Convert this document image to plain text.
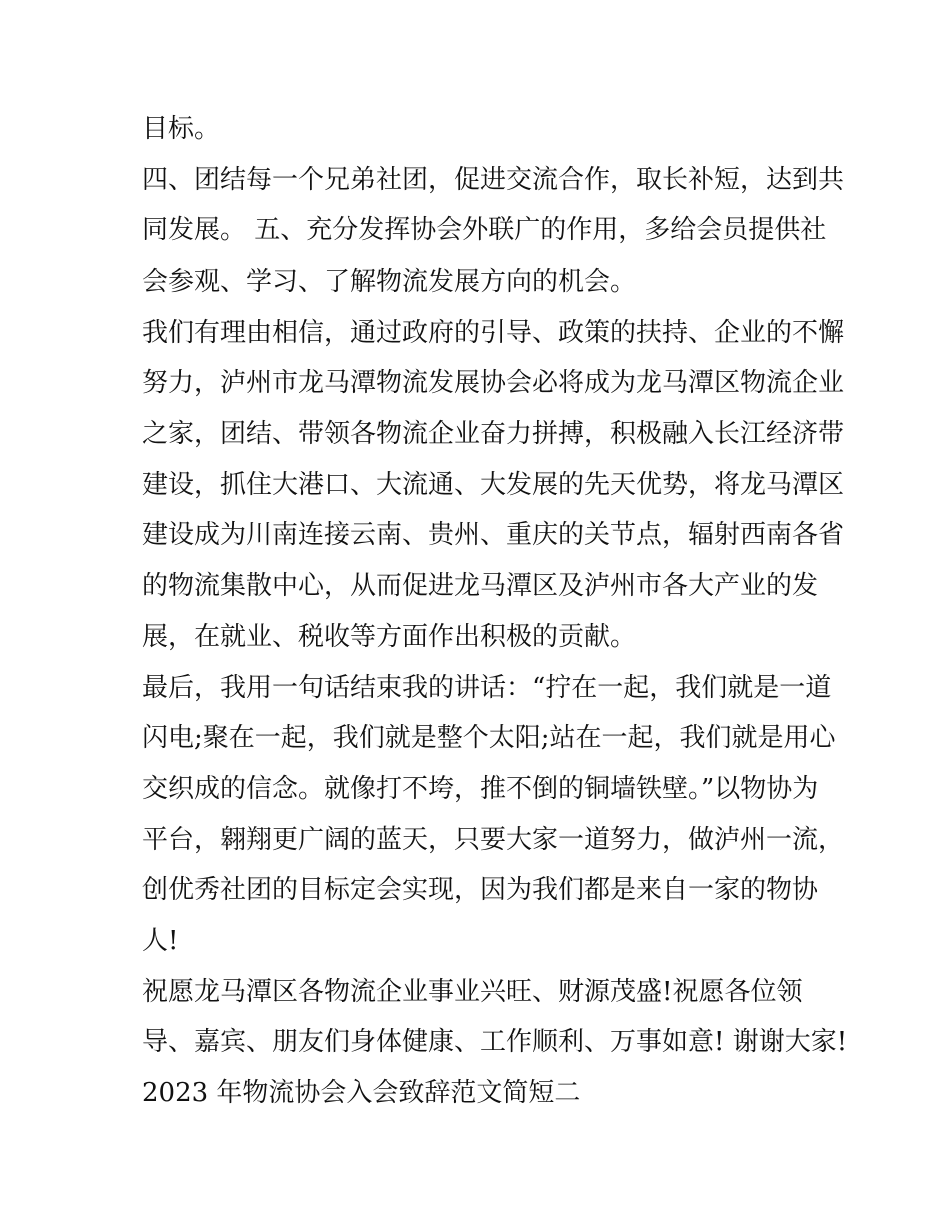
目标。
四、团结每一个兄弟社团，促进交流合作，取长补短，达到共
同发展。 五、充分发挥协会外联广的作用，多给会员提供社
会参观、学习、了解物流发展方向的机会。
我们有理由相信，通过政府的引导、政策的扶持、企业的不懈
努力，泸州市龙马潭物流发展协会必将成为龙马潭区物流企业
之家，团结、带领各物流企业奋力拼搏，积极融入长江经济带
建设，抓住大港口、大流通、大发展的先天优势，将龙马潭区
建设成为川南连接云南、贵州、重庆的关节点，辐射西南各省
的物流集散中心，从而促进龙马潭区及泸州市各大产业的发
展，在就业、税收等方面作出积极的贡献。
最后，我用一句话结束我的讲话：“拧在一起，我们就是一道
闪电;聚在一起，我们就是整个太阳;站在一起，我们就是用心
交织成的信念。就像打不垮，推不倒的铜墙铁壁。”以物协为
平台，翱翔更广阔的蓝天，只要大家一道努力，做泸州一流，
创优秀社团的目标定会实现，因为我们都是来自一家的物协
人!
祝愿龙马潭区各物流企业事业兴旺、财源茂盛!祝愿各位领
导、嘉宾、朋友们身体健康、工作顺利、万事如意! 谢谢大家!
2023 年物流协会入会致辞范文简短二
